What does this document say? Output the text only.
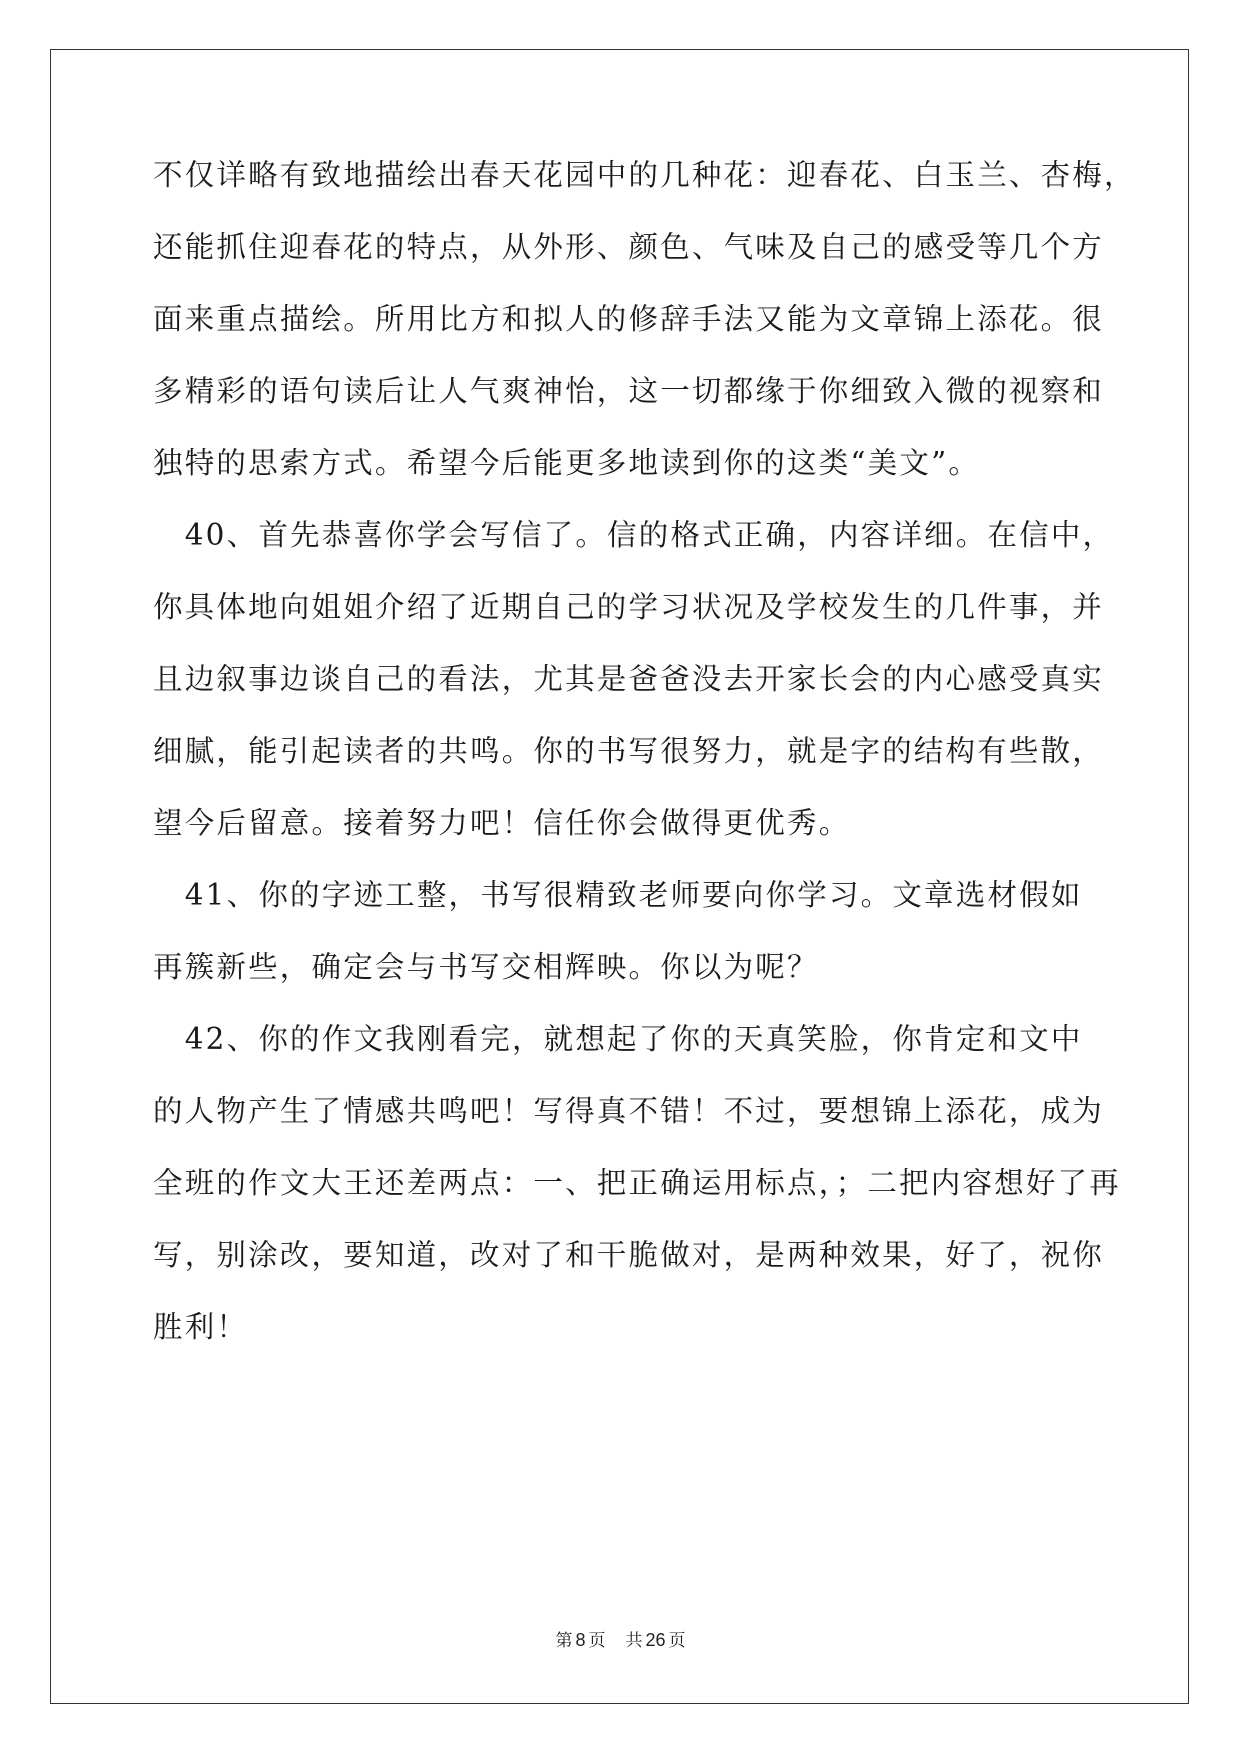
不仅详略有致地描绘出春天花园中的几种花：迎春花、白玉兰、杏梅，
还能抓住迎春花的特点，从外形、颜色、气味及自己的感受等几个方
面来重点描绘。所用比方和拟人的修辞手法又能为文章锦上添花。很
多精彩的语句读后让人气爽神怡，这一切都缘于你细致入微的视察和
独特的思索方式。希望今后能更多地读到你的这类“美文”。
　40、首先恭喜你学会写信了。信的格式正确，内容详细。在信中，
你具体地向姐姐介绍了近期自己的学习状况及学校发生的几件事，并
且边叙事边谈自己的看法，尤其是爸爸没去开家长会的内心感受真实
细腻，能引起读者的共鸣。你的书写很努力，就是字的结构有些散，
望今后留意。接着努力吧！信任你会做得更优秀。
　41、你的字迹工整，书写很精致老师要向你学习。文章选材假如
再簇新些，确定会与书写交相辉映。你以为呢？
　42、你的作文我刚看完，就想起了你的天真笑脸，你肯定和文中
的人物产生了情感共鸣吧！写得真不错！不过，要想锦上添花，成为
全班的作文大王还差两点：一、把正确运用标点，；二把内容想好了再
写，别涂改，要知道，改对了和干脆做对，是两种效果，好了，祝你
胜利！
第 8 页 共 26 页
